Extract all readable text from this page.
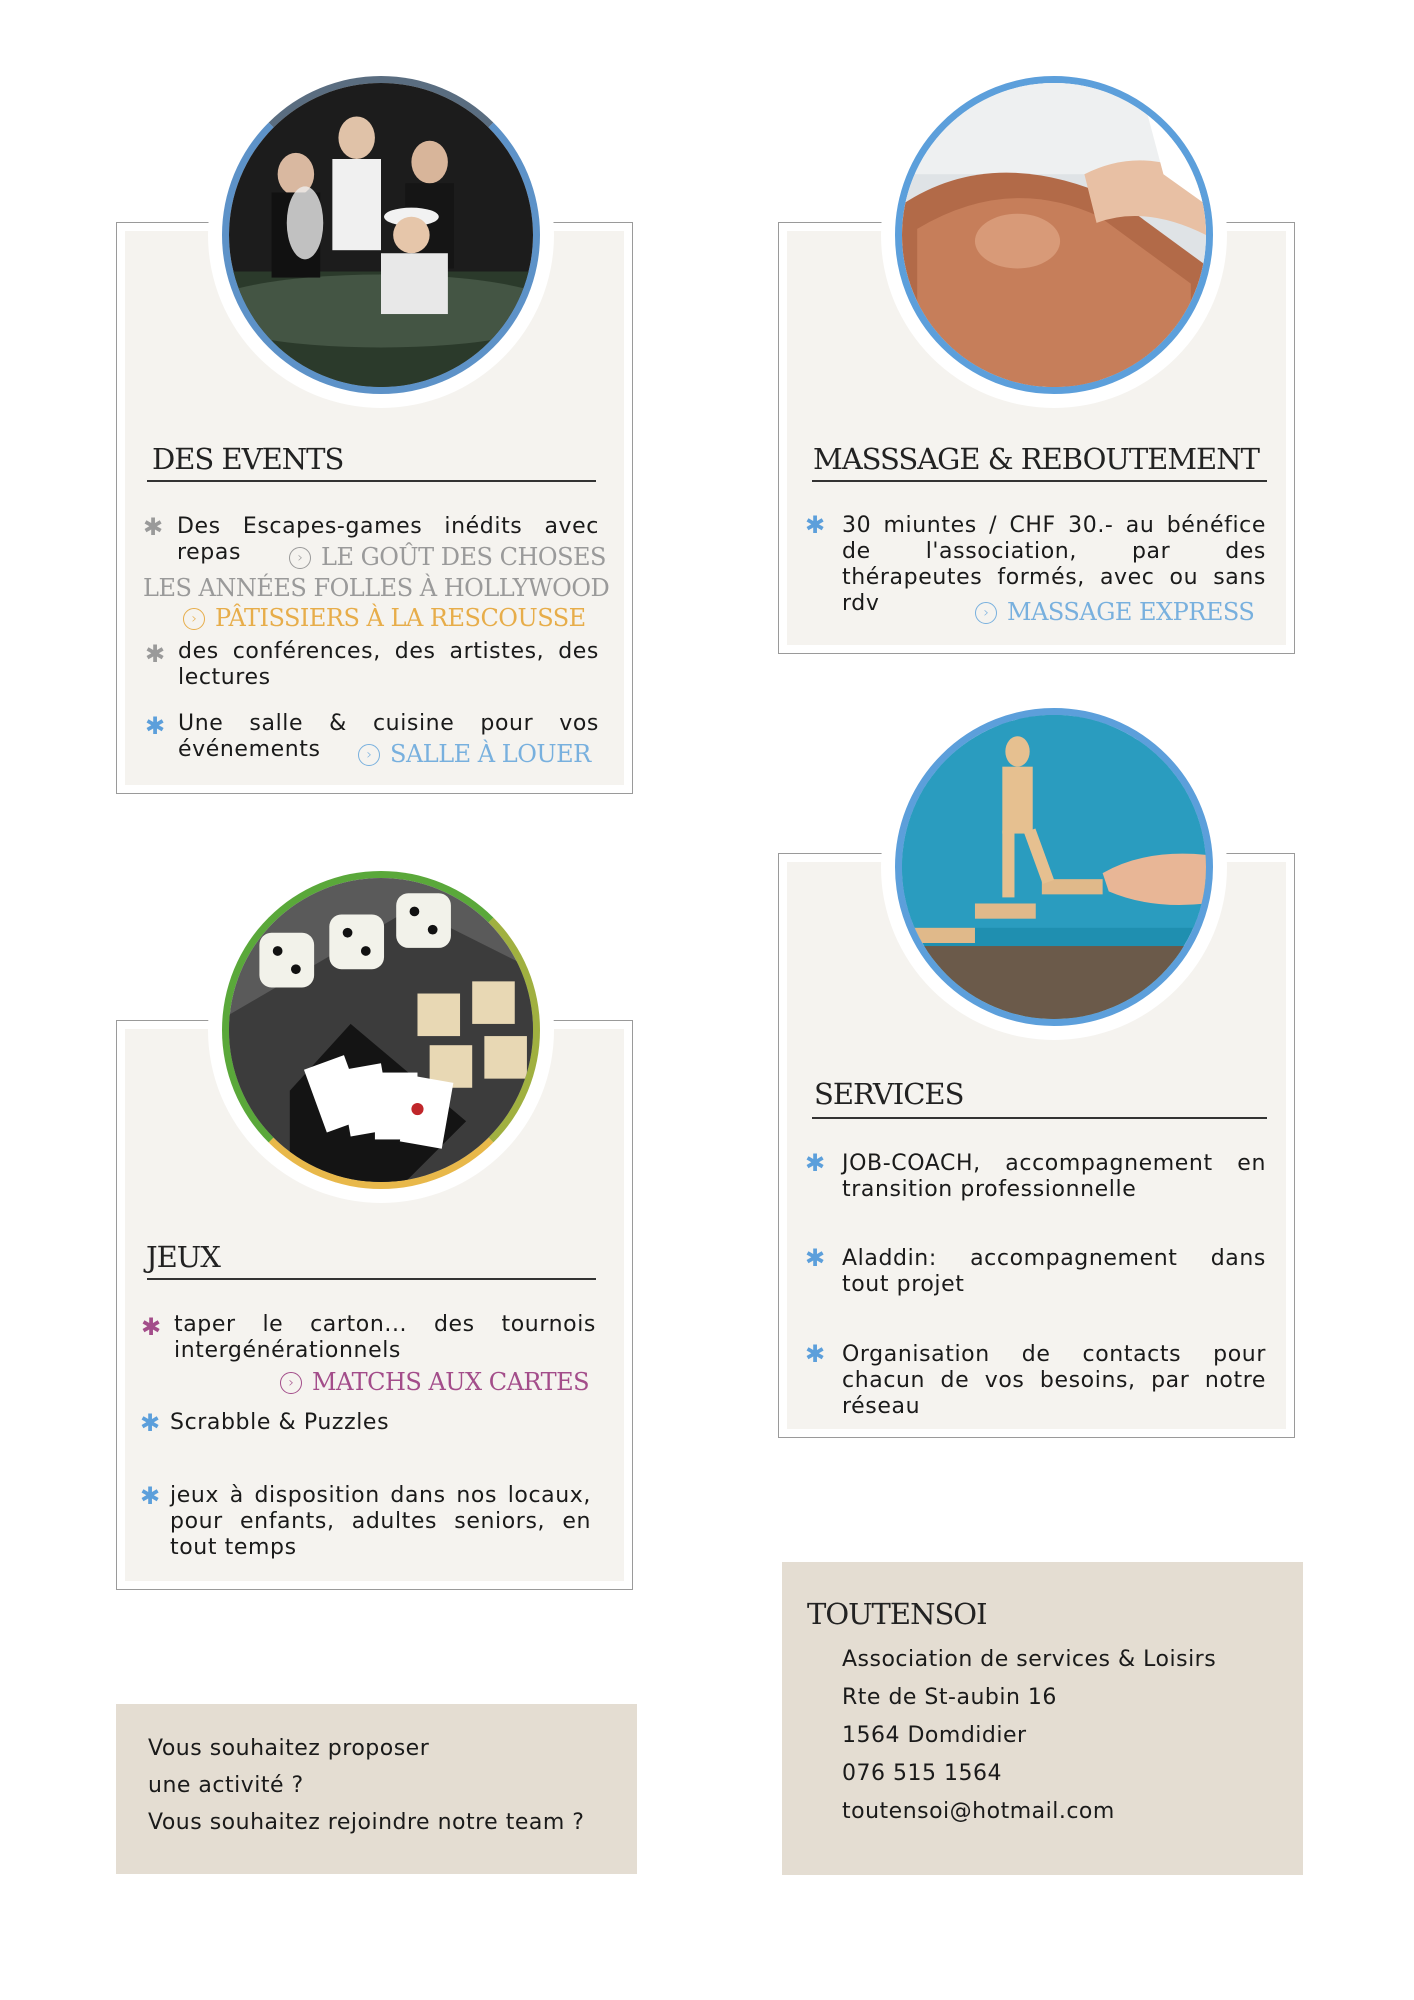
DES EVENTS
✱ Des Escapes-games inédits avec repas	› LE GOÛT DES CHOSES
LES ANNÉES FOLLES À HOLLYWOOD
› PÂTISSIERS À LA RESCOUSSE
✱ des conférences, des artistes, des lectures
✱ Une salle & cuisine pour vos événements	› SALLE À LOUER
MASSSAGE & REBOUTEMENT
✱ 30 miuntes / CHF 30.- au bénéfice de l'association, par des thérapeutes formés, avec ou sans rdv	› MASSAGE EXPRESS
JEUX
✱ taper le carton... des tournois intergénérationnels
› MATCHS AUX CARTES
✱ Scrabble & Puzzles
✱ jeux à disposition dans nos locaux, pour enfants, adultes seniors, en tout temps
SERVICES
✱ JOB-COACH, accompagnement en transition professionnelle
✱ Aladdin: accompagnement dans tout projet
✱ Organisation de contacts pour chacun de vos besoins, par notre réseau
Vous souhaitez proposer
une activité ?
Vous souhaitez rejoindre notre team ?
TOUTENSOI
Association de services & Loisirs
Rte de St-aubin 16
1564 Domdidier
076 515 1564
toutensoi@hotmail.com
